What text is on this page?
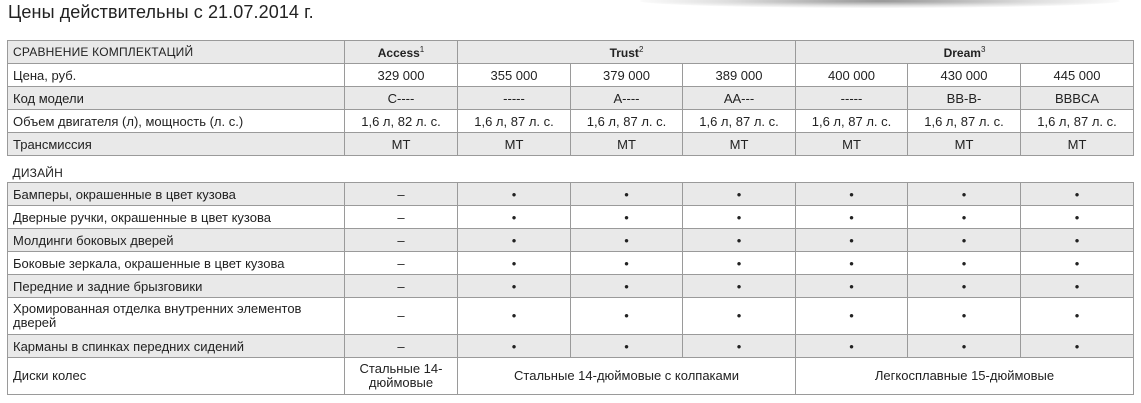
Цены действительны с 21.07.2014 г.
СРАВНЕНИЕ КОМПЛЕКТАЦИЙ	Access$^1$	Trust$^2$			Dream$^3$
Цена, руб.	329 000	355 000	379 000	389 000	400 000	430 000	445 000
Код модели	C----	-----	A----	AA---	-----	BB-B-	BBBCA
Объем двигателя (л), мощность (л. с.)	1,6 л, 82 л. с.	1,6 л, 87 л. с.	1,6 л, 87 л. с.	1,6 л, 87 л. с.	1,6 л, 87 л. с.	1,6 л, 87 л. с.	1,6 л, 87 л. с.
Трансмиссия	MT	MT	MT	MT	MT	MT	MT
ДИЗАЙН							
Бамперы, окрашенные в цвет кузова	–	•	•	•	•	•	•
Дверные ручки, окрашенные в цвет кузова	–	•	•	•	•	•	•
Молдинги боковых дверей	–	•	•	•	•	•	•
Боковые зеркала, окрашенные в цвет кузова	–	•	•	•	•	•	•
Передние и задние брызговики	–	•	•	•	•	•	•
Хромированная отделка внутренних элементов дверей	–	•	•	•	•	•	•
Карманы в спинках передних сидений	–	•	•	•	•	•	•
Диски колес	Стальные 14-дюймовые	Стальные 14-дюймовые с колпаками			Легкосплавные 15-дюймовые		
